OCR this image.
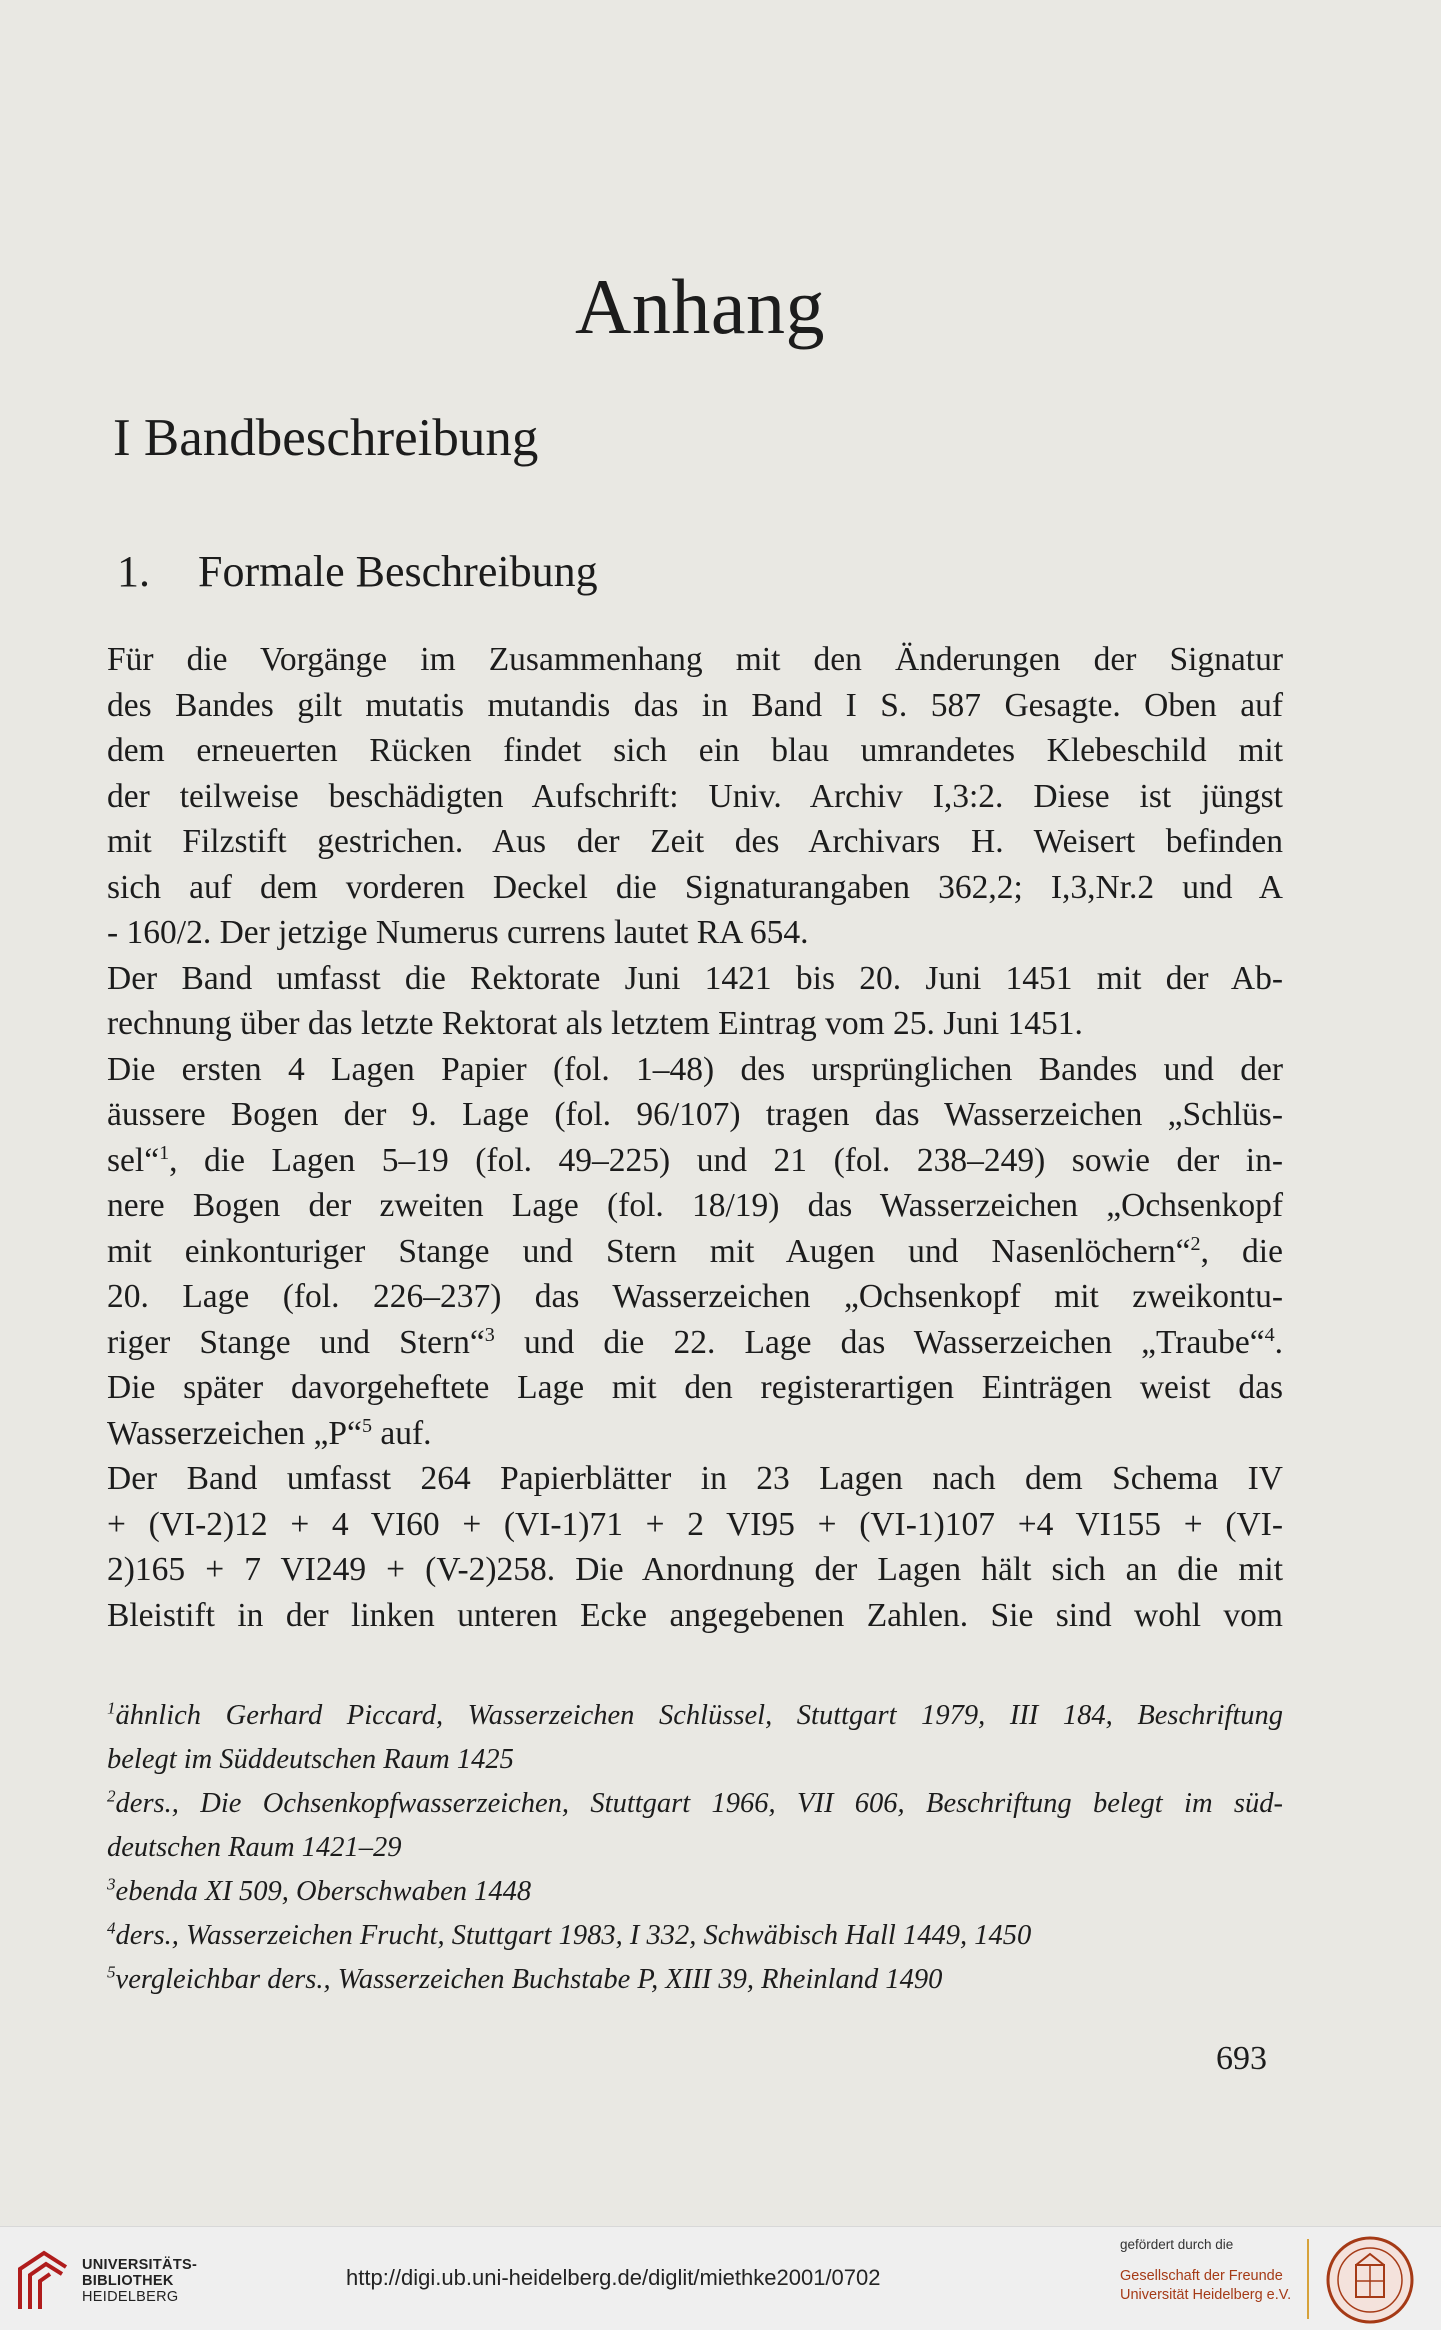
Anhang
I Bandbeschreibung
1. Formale Beschreibung
Für die Vorgänge im Zusammenhang mit den Änderungen der Signatur
des Bandes gilt mutatis mutandis das in Band I S. 587 Gesagte. Oben auf
dem erneuerten Rücken findet sich ein blau umrandetes Klebeschild mit
der teilweise beschädigten Aufschrift: Univ. Archiv I,3:2. Diese ist jüngst
mit Filzstift gestrichen. Aus der Zeit des Archivars H. Weisert befinden
sich auf dem vorderen Deckel die Signaturangaben 362,2; I,3,Nr.2 und A
- 160/2. Der jetzige Numerus currens lautet RA 654.
Der Band umfasst die Rektorate Juni 1421 bis 20. Juni 1451 mit der Ab-
rechnung über das letzte Rektorat als letztem Eintrag vom 25. Juni 1451.
Die ersten 4 Lagen Papier (fol. 1–48) des ursprünglichen Bandes und der
äussere Bogen der 9. Lage (fol. 96/107) tragen das Wasserzeichen „Schlüs-
sel“$^1$, die Lagen 5–19 (fol. 49–225) und 21 (fol. 238–249) sowie der in-
nere Bogen der zweiten Lage (fol. 18/19) das Wasserzeichen „Ochsenkopf
mit einkonturiger Stange und Stern mit Augen und Nasenlöchern“$^2$, die
20. Lage (fol. 226–237) das Wasserzeichen „Ochsenkopf mit zweikontu-
riger Stange und Stern“$^3$ und die 22. Lage das Wasserzeichen „Traube“$^4$.
Die später davorgeheftete Lage mit den registerartigen Einträgen weist das
Wasserzeichen „P“$^5$ auf.
Der Band umfasst 264 Papierblätter in 23 Lagen nach dem Schema IV
+ (VI-2)12 + 4 VI60 + (VI-1)71 + 2 VI95 + (VI-1)107 +4 VI155 + (VI-
2)165 + 7 VI249 + (V-2)258. Die Anordnung der Lagen hält sich an die mit
Bleistift in der linken unteren Ecke angegebenen Zahlen. Sie sind wohl vom
$^1$ähnlich Gerhard Piccard, Wasserzeichen Schlüssel, Stuttgart 1979, III 184, Beschriftung
belegt im Süddeutschen Raum 1425
$^2$ders., Die Ochsenkopfwasserzeichen, Stuttgart 1966, VII 606, Beschriftung belegt im süd-
deutschen Raum 1421–29
$^3$ebenda XI 509, Oberschwaben 1448
$^4$ders., Wasserzeichen Frucht, Stuttgart 1983, I 332, Schwäbisch Hall 1449, 1450
$^5$vergleichbar ders., Wasserzeichen Buchstabe P, XIII 39, Rheinland 1490
693
UNIVERSITÄTS-
BIBLIOTHEK
HEIDELBERG
http://digi.ub.uni-heidelberg.de/diglit/miethke2001/0702
gefördert durch die
Gesellschaft der Freunde
Universität Heidelberg e.V.
